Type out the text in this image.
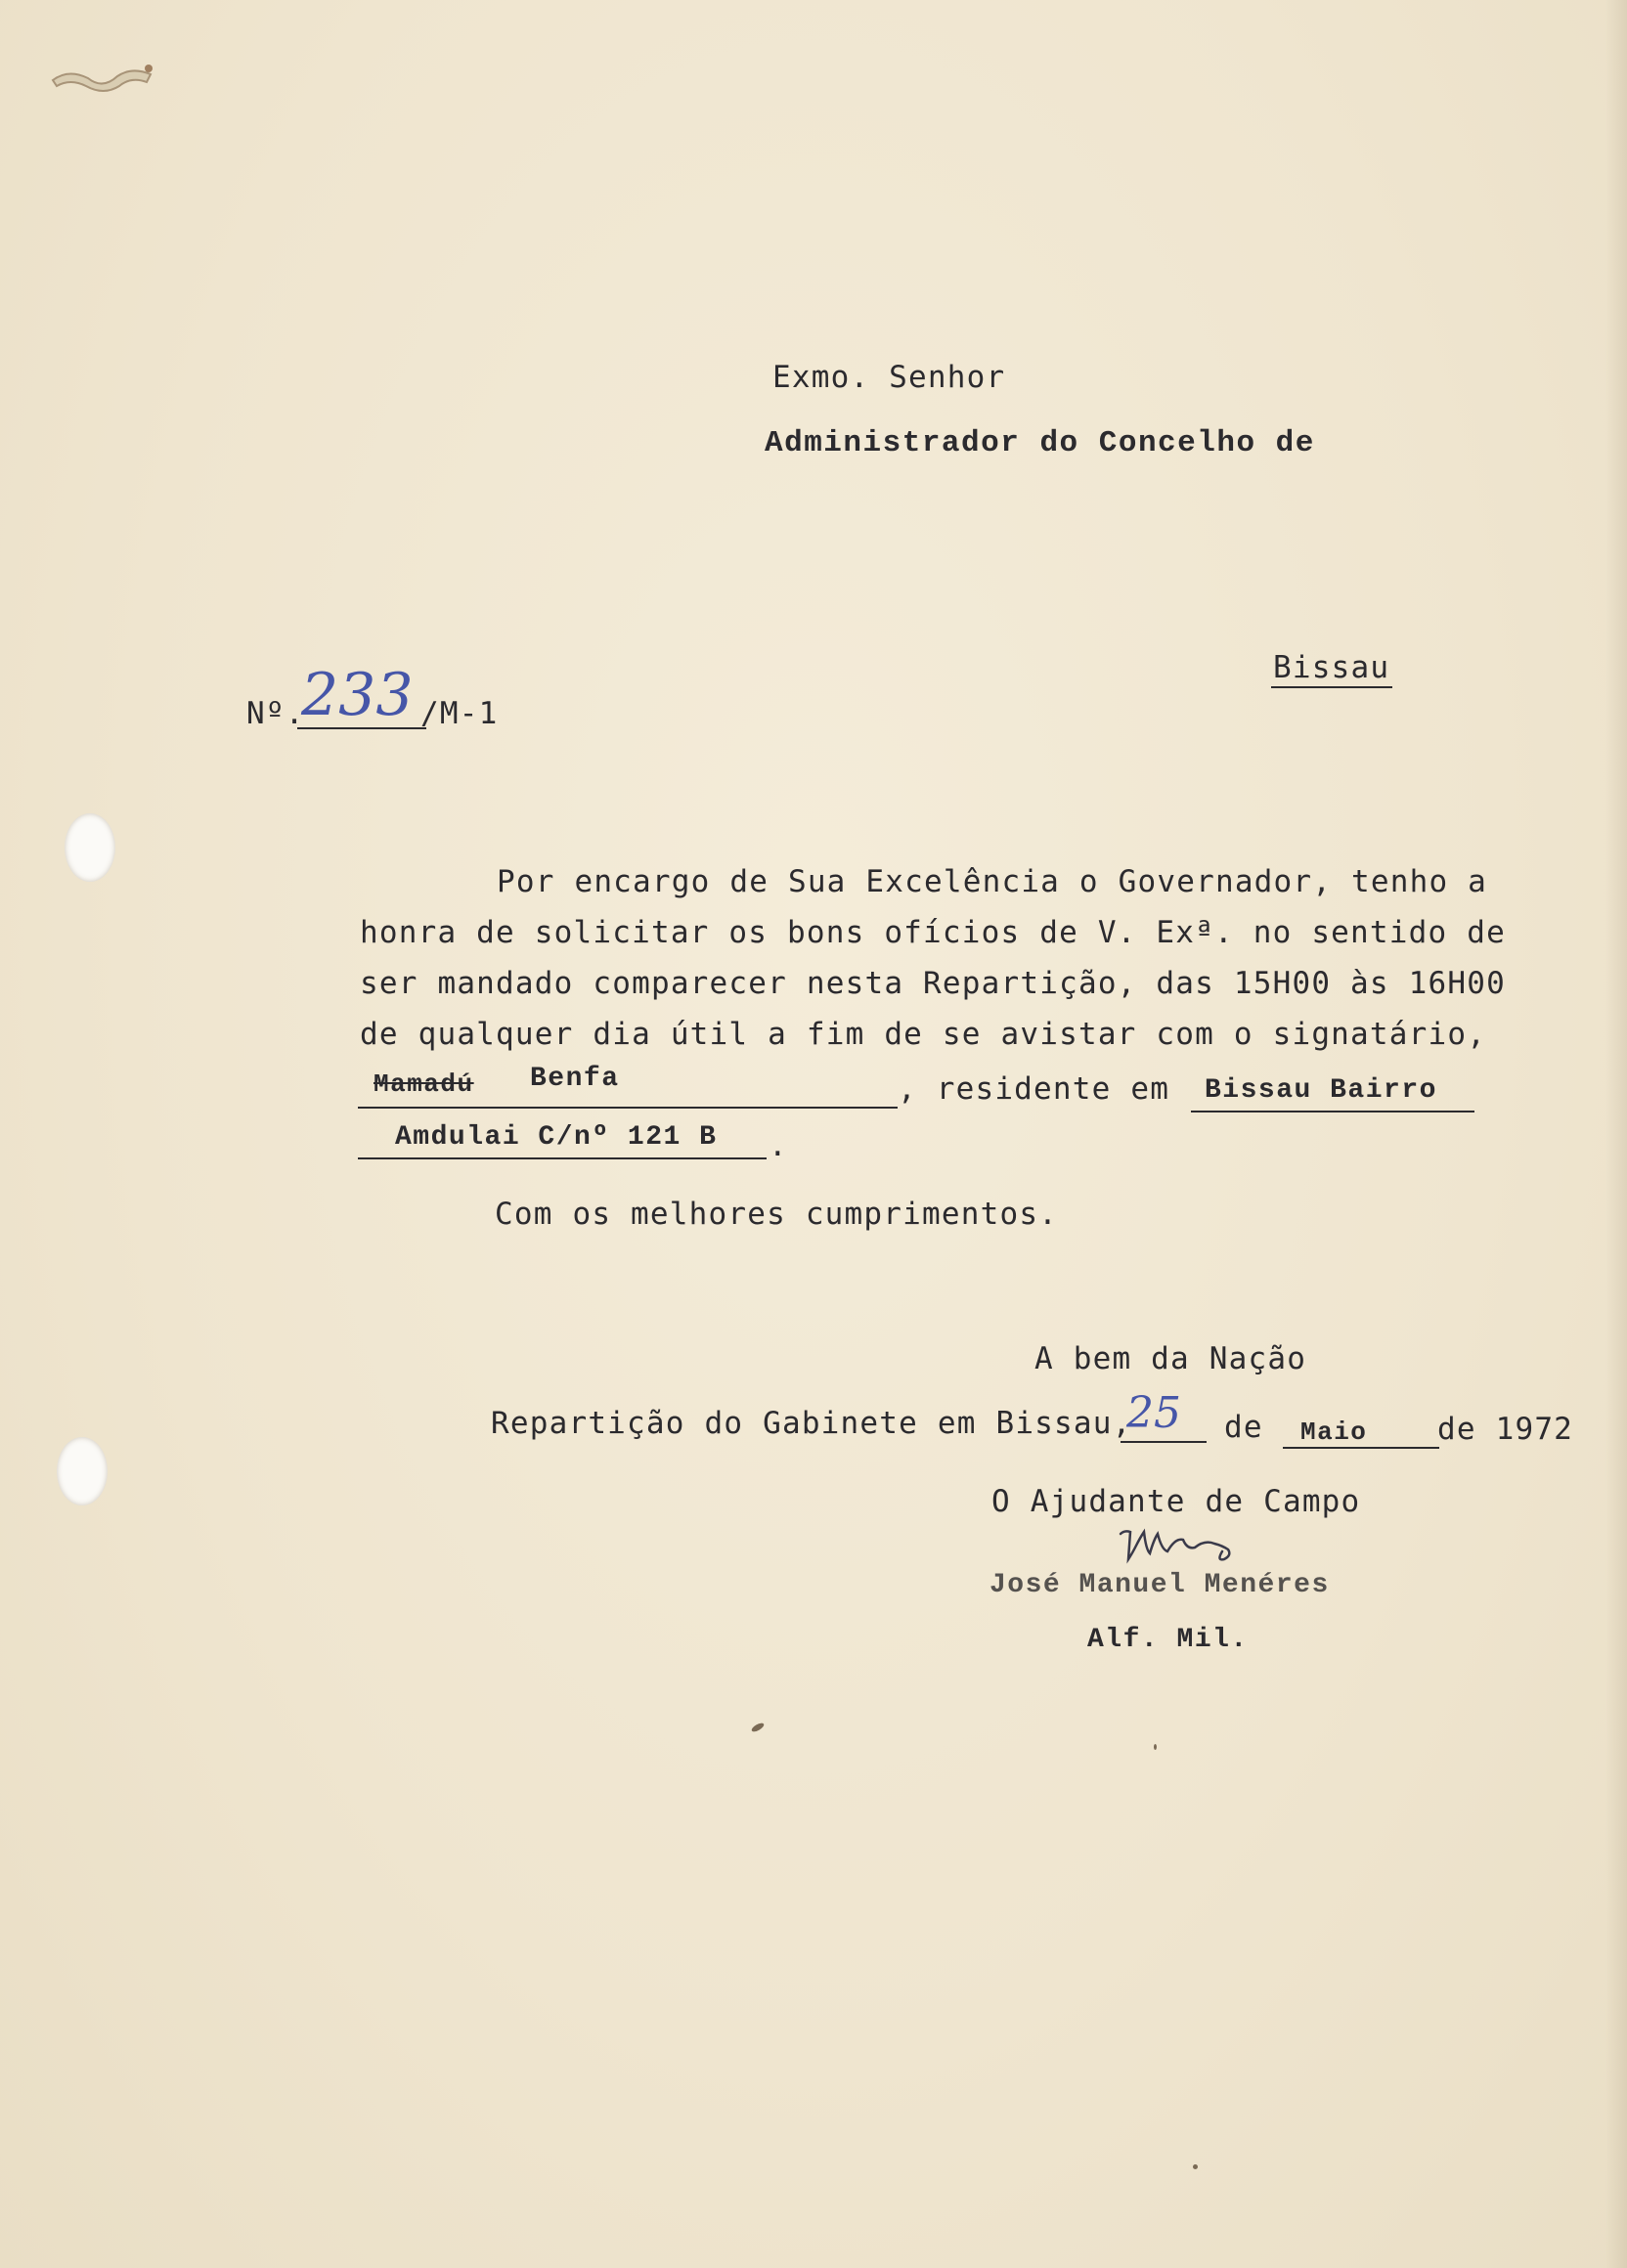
Exmo. Senhor
Administrador do Concelho de
Bissau
Nº.
233 /M-1
Por encargo de Sua Excelência o Governador, tenho a
honra de solicitar os bons ofícios de V. Exª. no sentido de
ser mandado comparecer nesta Repartição, das 15H00 às 16H00
de qualquer dia útil a fim de se avistar com o signatário,
Mamadú Benfa	, residente em Bissau Bairro
Amdulai C/nº 121 B .
Com os melhores cumprimentos.
A bem da Nação
Repartição do Gabinete em Bissau,
25 de Maio de 1972
O Ajudante de Campo
José Manuel Menéres
Alf. Mil.
